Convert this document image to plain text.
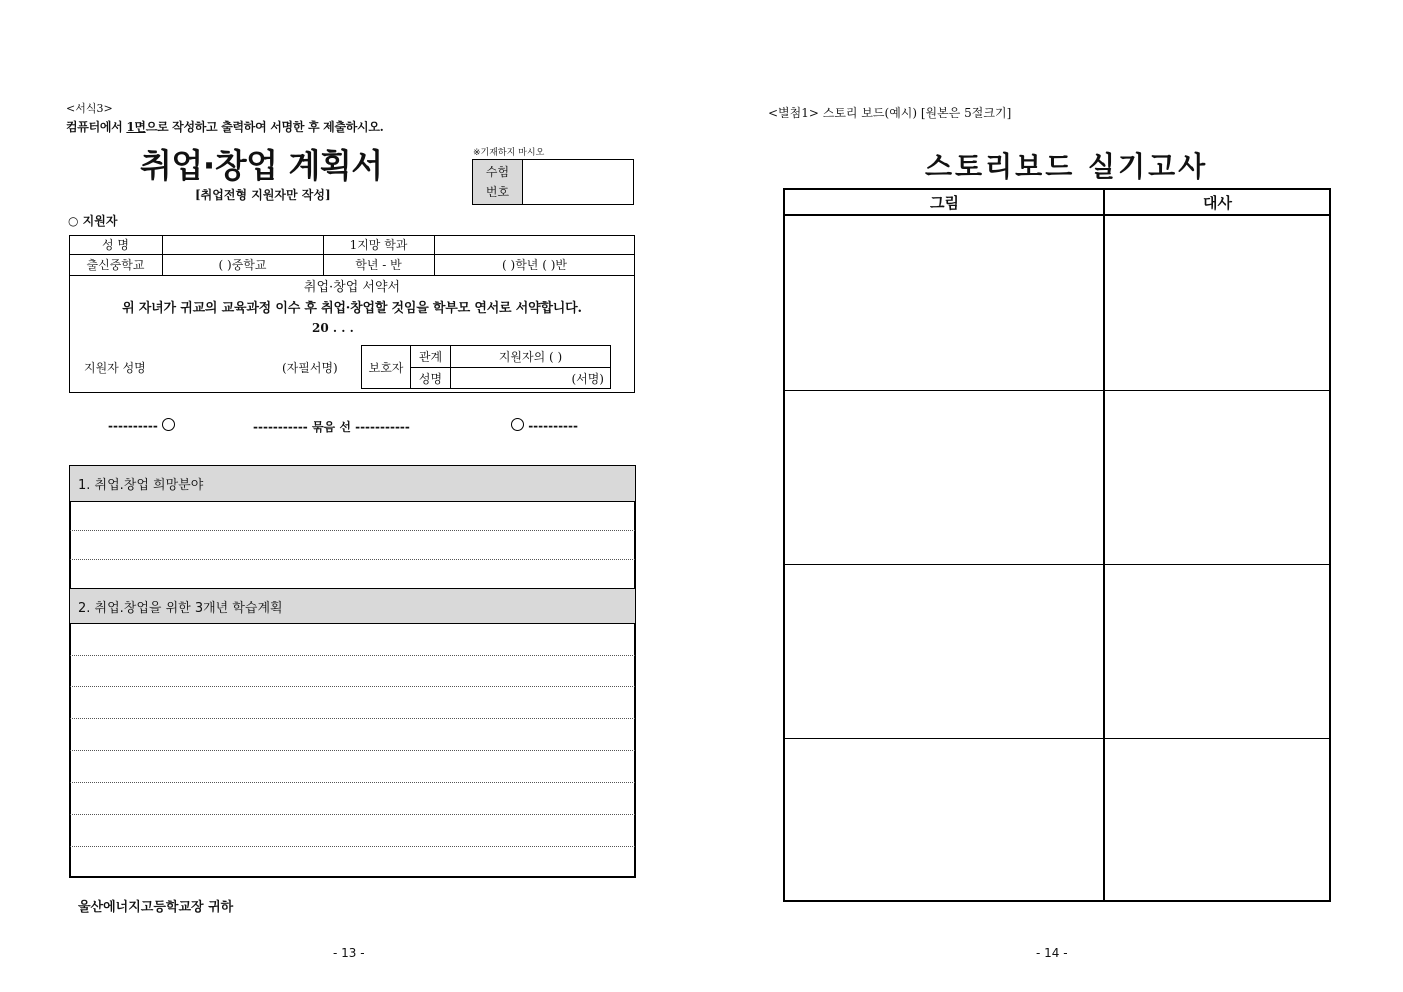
<서식3>
컴퓨터에서 1면으로 작성하고 출력하여 서명한 후 제출하시오.
취업·창업 계획서
[취업전형 지원자만 작성]
※기재하지 마시오
수험
번호
○ 지원자
성 명	1지망 학과
출신중학교	( )중학교	학년 - 반	( )학년 ( )반
취업·창업 서약서
위 자녀가 귀교의 교육과정 이수 후 취업·창업할 것임을 학부모 연서로 서약합니다.
20 . . .
지원자 성명	(자필서명)	보호자
관계	지원자의 ( )
성명	(서명)
----------	----------- 묶음 선 -----------	----------
1. 취업.창업 희망분야
2. 취업.창업을 위한 3개년 학습계획
울산에너지고등학교장 귀하
- 13 -
<별첨1> 스토리 보드(예시) [원본은 5절크기]
스토리보드 실기고사
그림	대사
- 14 -
